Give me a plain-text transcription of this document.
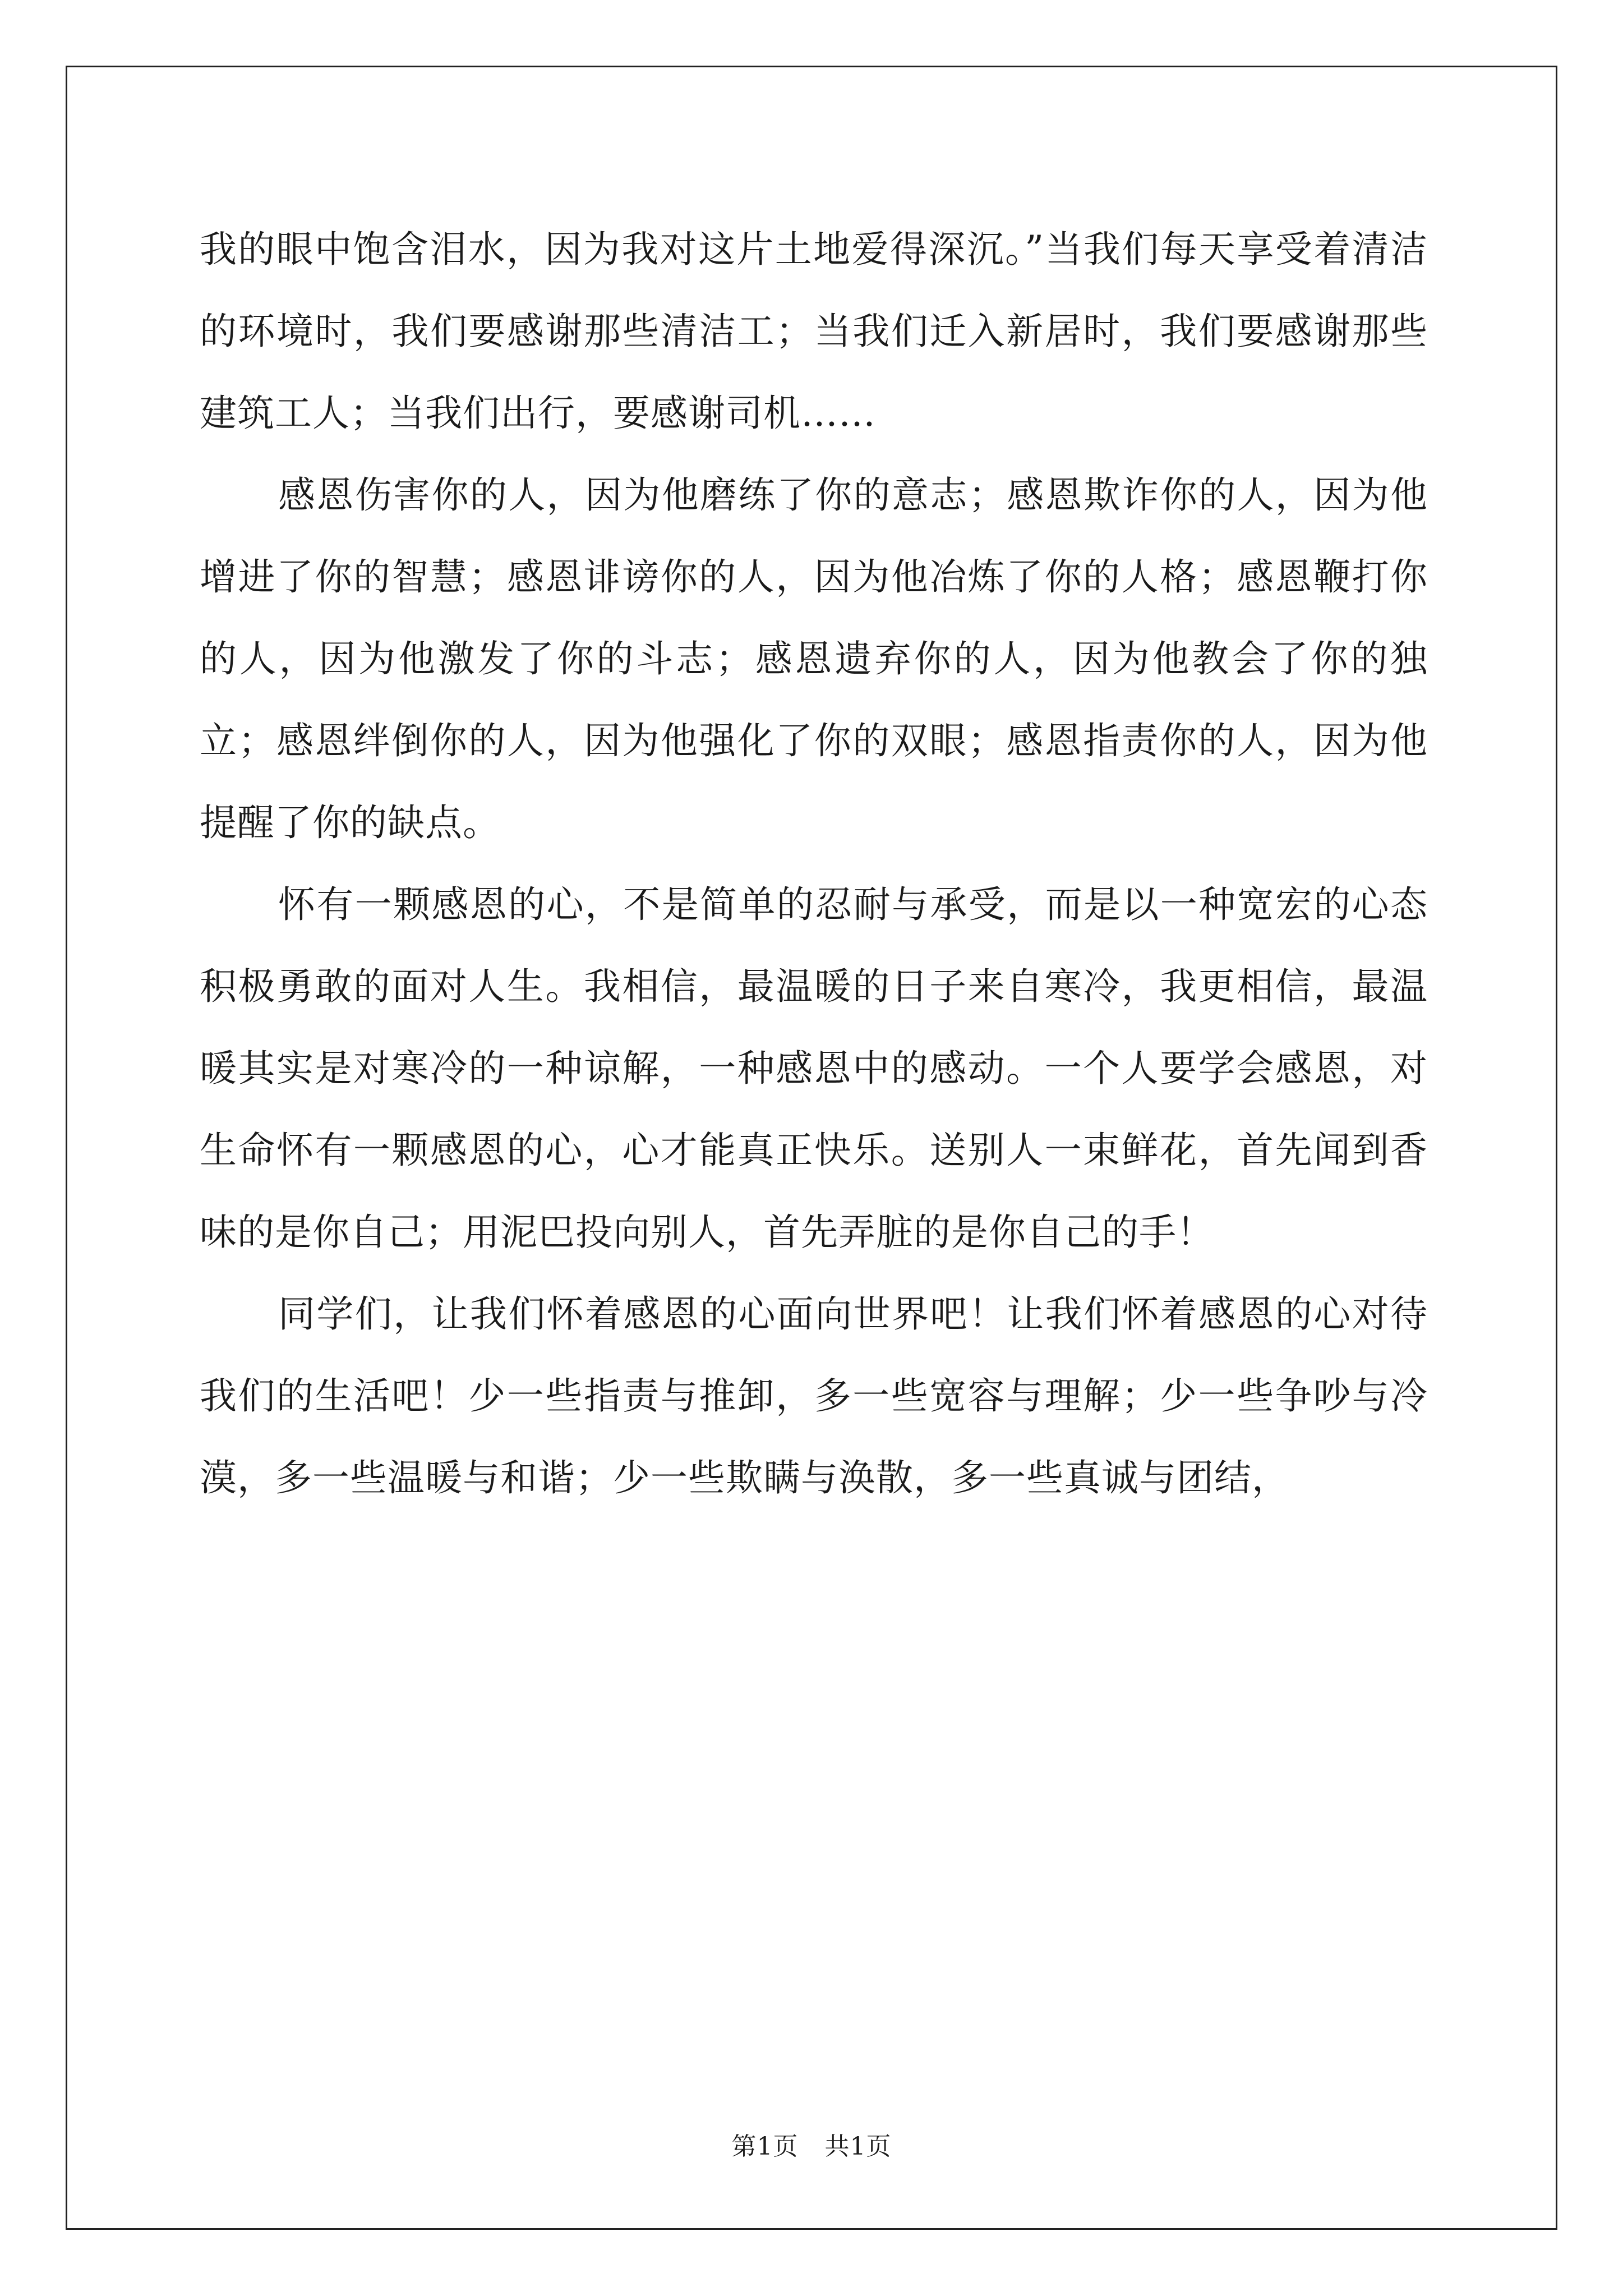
我的眼中饱含泪水，因为我对这片土地爱得深沉。”当我们每天享受着清洁的环境时，我们要感谢那些清洁工；当我们迁入新居时，我们要感谢那些建筑工人；当我们出行，要感谢司机……

感恩伤害你的人，因为他磨练了你的意志；感恩欺诈你的人，因为他增进了你的智慧；感恩诽谤你的人，因为他冶炼了你的人格；感恩鞭打你的人，因为他激发了你的斗志；感恩遗弃你的人，因为他教会了你的独立；感恩绊倒你的人，因为他强化了你的双眼；感恩指责你的人，因为他提醒了你的缺点。

怀有一颗感恩的心，不是简单的忍耐与承受，而是以一种宽宏的心态积极勇敢的面对人生。我相信，最温暖的日子来自寒冷，我更相信，最温暖其实是对寒冷的一种谅解，一种感恩中的感动。一个人要学会感恩，对生命怀有一颗感恩的心，心才能真正快乐。送别人一束鲜花，首先闻到香味的是你自己；用泥巴投向别人，首先弄脏的是你自己的手！

同学们，让我们怀着感恩的心面向世界吧！让我们怀着感恩的心对待我们的生活吧！少一些指责与推卸，多一些宽容与理解；少一些争吵与冷漠，多一些温暖与和谐；少一些欺瞒与涣散，多一些真诚与团结，

第1页 共1页
